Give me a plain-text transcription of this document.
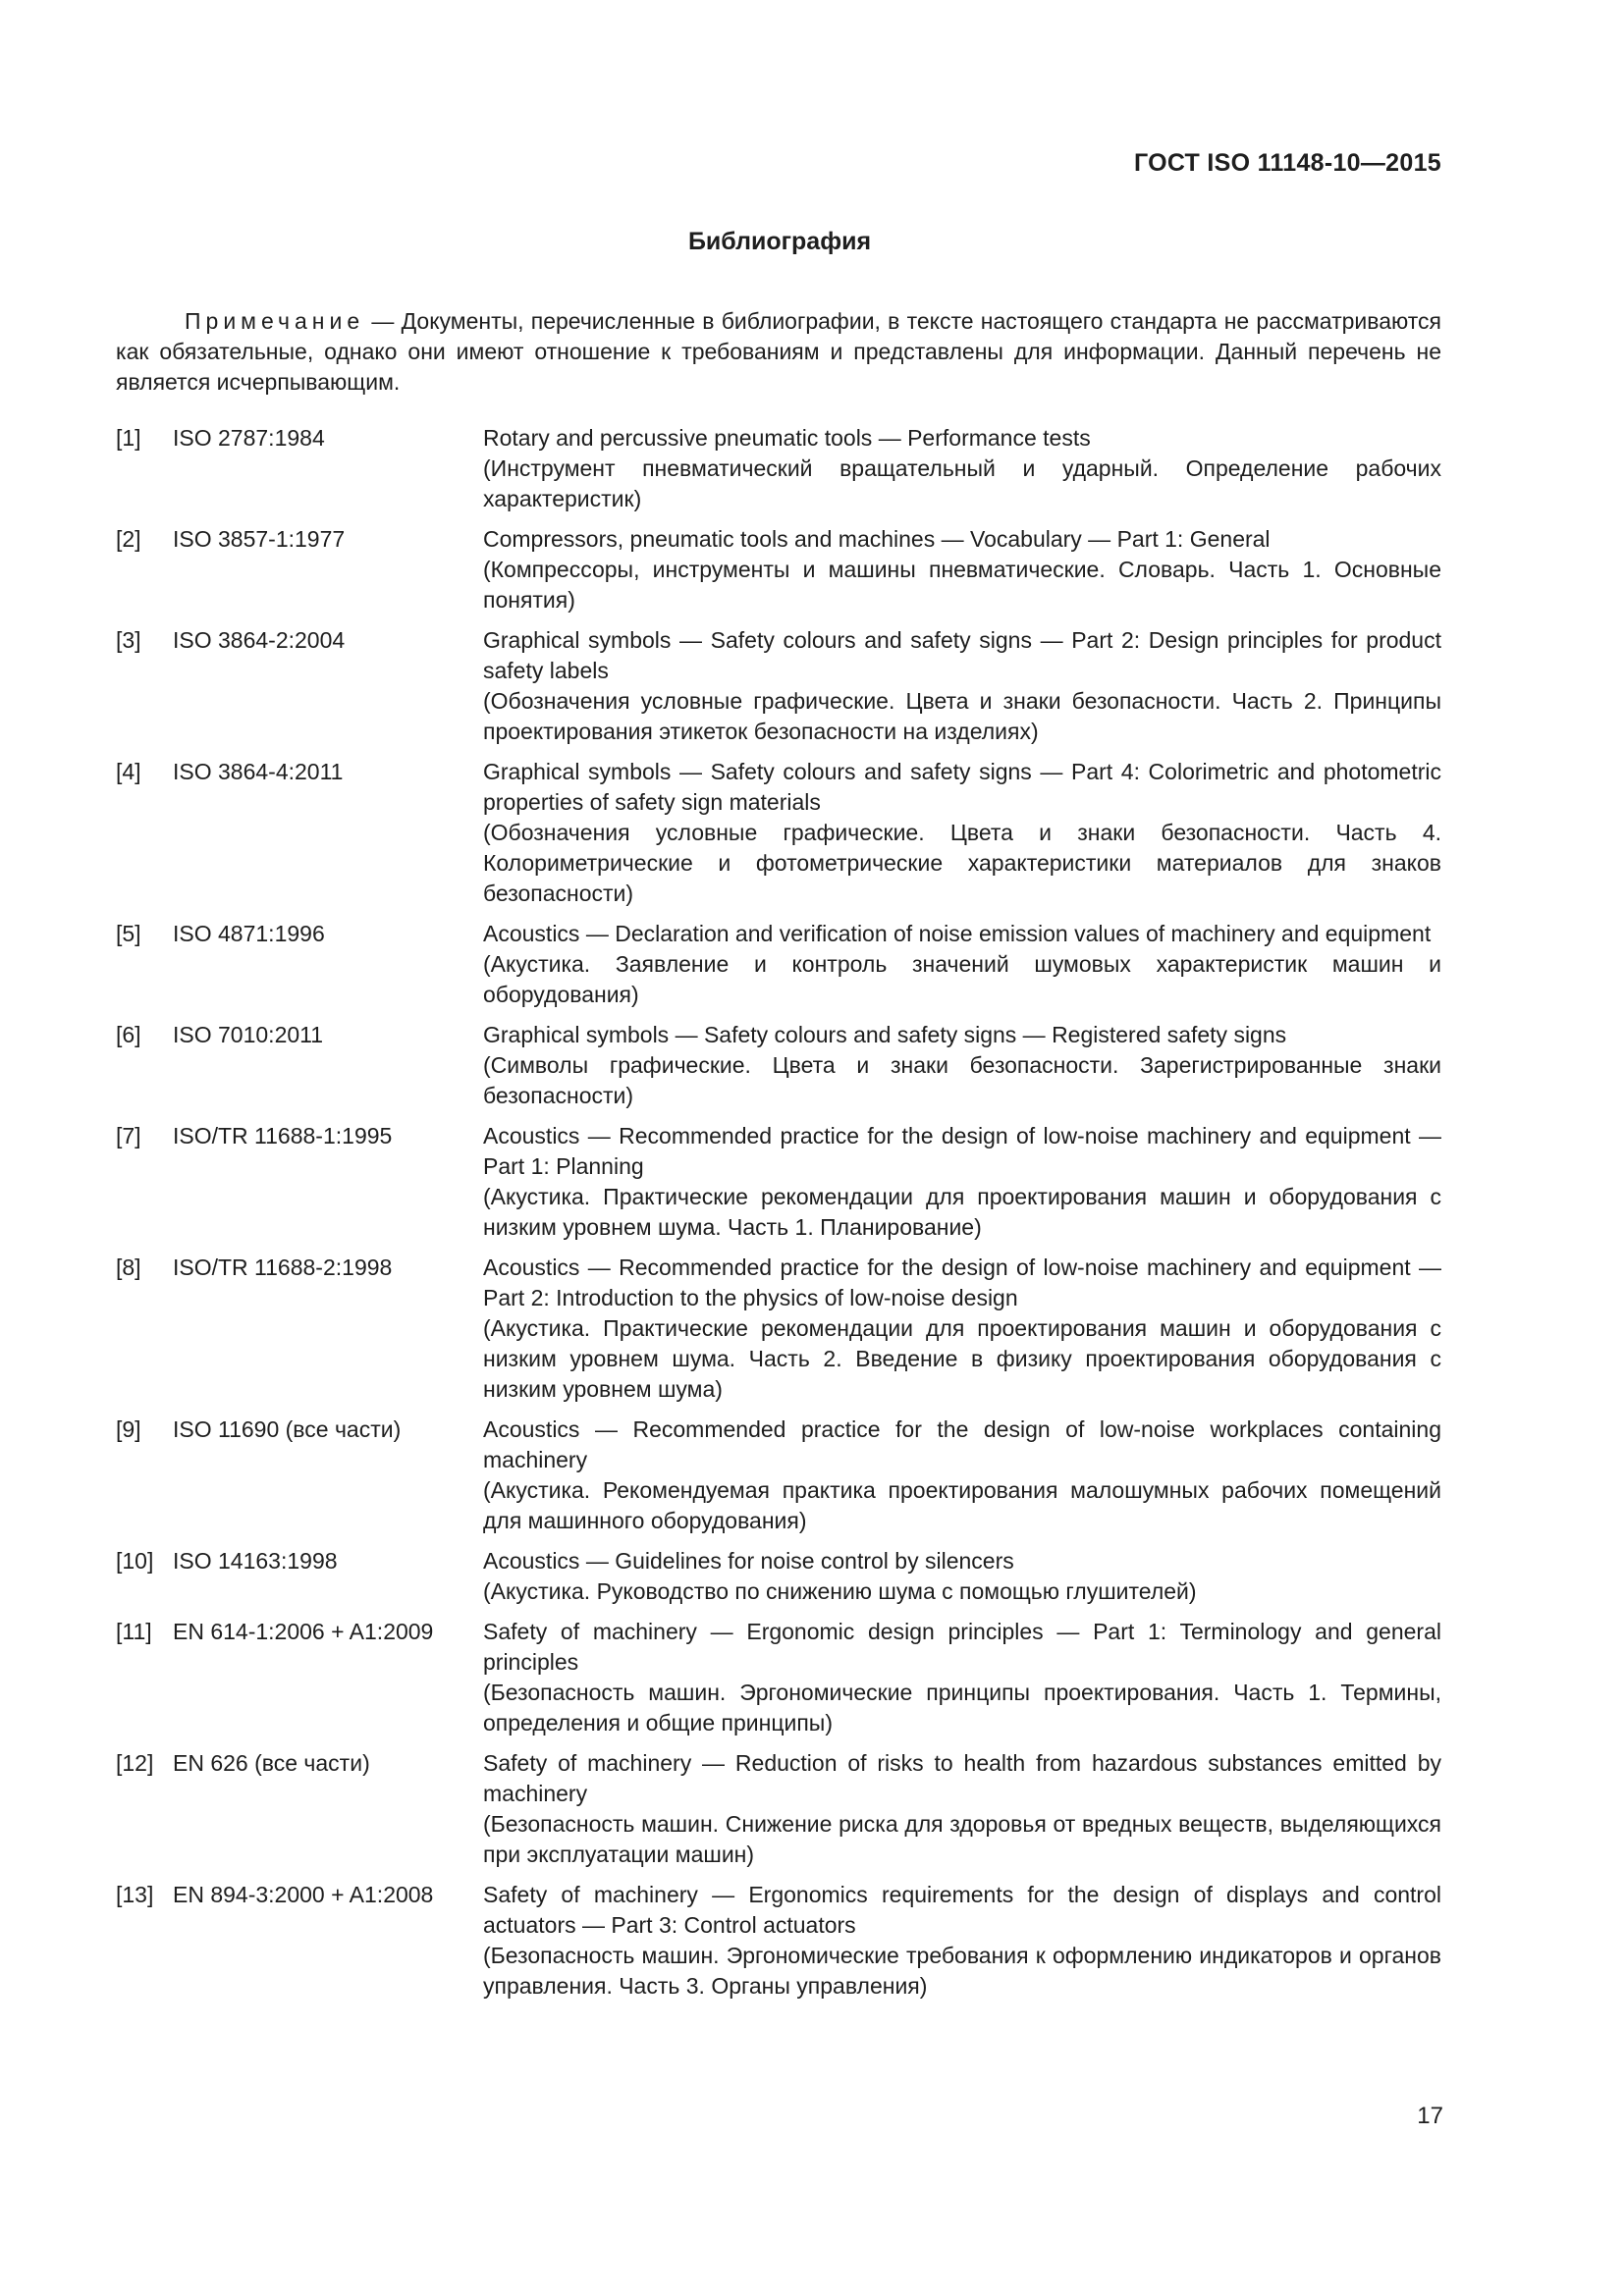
ГОСТ ISO 11148-10—2015
Библиография
Примечание — Документы, перечисленные в библиографии, в тексте настоящего стандарта не рассматриваются как обязательные, однако они имеют отношение к требованиям и представлены для информации. Данный перечень не является исчерпывающим.
[1]	ISO 2787:1984	Rotary and percussive pneumatic tools — Performance tests
(Инструмент пневматический вращательный и ударный. Определение рабочих характеристик)
[2]	ISO 3857-1:1977	Compressors, pneumatic tools and machines — Vocabulary — Part 1: General
(Компрессоры, инструменты и машины пневматические. Словарь. Часть 1. Основные понятия)
[3]	ISO 3864-2:2004	Graphical symbols — Safety colours and safety signs — Part 2: Design principles for product safety labels
(Обозначения условные графические. Цвета и знаки безопасности. Часть 2. Принципы проектирования этикеток безопасности на изделиях)
[4]	ISO 3864-4:2011	Graphical symbols — Safety colours and safety signs — Part 4: Colorimetric and photometric properties of safety sign materials
(Обозначения условные графические. Цвета и знаки безопасности. Часть 4. Колориметрические и фотометрические характеристики материалов для знаков безопасности)
[5]	ISO 4871:1996	Acoustics — Declaration and verification of noise emission values of machinery and equipment
(Акустика. Заявление и контроль значений шумовых характеристик машин и оборудования)
[6]	ISO 7010:2011	Graphical symbols — Safety colours and safety signs — Registered safety signs
(Символы графические. Цвета и знаки безопасности. Зарегистрированные знаки безопасности)
[7]	ISO/TR 11688-1:1995	Acoustics — Recommended practice for the design of low-noise machinery and equipment — Part 1: Planning
(Акустика. Практические рекомендации для проектирования машин и оборудования с низким уровнем шума. Часть 1. Планирование)
[8]	ISO/TR 11688-2:1998	Acoustics — Recommended practice for the design of low-noise machinery and equipment — Part 2: Introduction to the physics of low-noise design
(Акустика. Практические рекомендации для проектирования машин и оборудования с низким уровнем шума. Часть 2. Введение в физику проектирования оборудования с низким уровнем шума)
[9]	ISO 11690 (все части)	Acoustics — Recommended practice for the design of low-noise workplaces containing machinery
(Акустика. Рекомендуемая практика проектирования малошумных рабочих помещений для машинного оборудования)
[10] ISO 14163:1998	Acoustics — Guidelines for noise control by silencers
(Акустика. Руководство по снижению шума с помощью глушителей)
[11] EN 614-1:2006 + A1:2009	Safety of machinery — Ergonomic design principles — Part 1: Terminology and general principles
(Безопасность машин. Эргономические принципы проектирования. Часть 1. Термины, определения и общие принципы)
[12] EN 626 (все части)	Safety of machinery — Reduction of risks to health from hazardous substances emitted by machinery
(Безопасность машин. Снижение риска для здоровья от вредных веществ, выделяющихся при эксплуатации машин)
[13] EN 894-3:2000 + A1:2008	Safety of machinery — Ergonomics requirements for the design of displays and control actuators — Part 3: Control actuators
(Безопасность машин. Эргономические требования к оформлению индикаторов и органов управления. Часть 3. Органы управления)
17
